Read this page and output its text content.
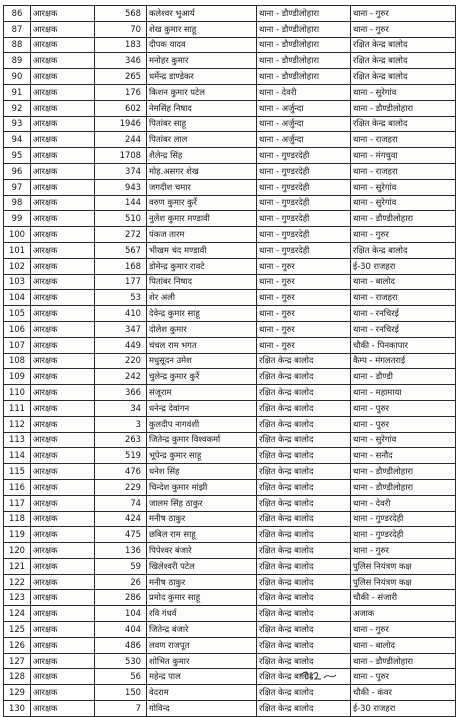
86	आरक्षक	568	कलेश्वर भुआर्य	थाना - डौण्डीलोहारा	थाना - गुरुर
87	आरक्षक	70	शेख कुमार साहू	थाना - डौण्डीलोहारा	थाना - गुरुर
88	आरक्षक	183	दीपक यादव	थाना - डौण्डीलोहारा	रक्षित केन्द्र बालोद
89	आरक्षक	346	मनोहर कुमार	थाना - डौण्डीलोहारा	रक्षित केन्द्र बालोद
90	आरक्षक	265	धर्मेन्द्र डाण्डेकर	थाना - डौण्डीलोहारा	रक्षित केन्द्र बालोद
91	आरक्षक	176	किशन कुमार पटेल	थाना - देवरी	थाना - सुरेगांव
92	आरक्षक	602	नेमसिंह निषाद	थाना - अर्जुन्दा	थाना - डौण्डीलोहारा
93	आरक्षक	1946	पितांबर साहू	थाना - अर्जुन्दा	रक्षित केन्द्र बालोद
94	आरक्षक	244	पितांबर लाल	थाना - अर्जुन्दा	थाना - राजहरा
95	आरक्षक	1708	शैलेन्द्र सिंह	थाना - गुण्डरदेही	थाना - मंगचुवा
96	आरक्षक	374	मोह.असगर शेख	थाना - गुण्डरदेही	थाना - राजहरा
97	आरक्षक	943	जगदीश चमार	थाना - गुण्डरदेही	थाना - सुरेगांव
98	आरक्षक	144	वरुण कुमार कुर्रे	थाना - गुण्डरदेही	थाना - सुरेगांव
99	आरक्षक	510	नुलेश कुमार मण्डावी	थाना - गुण्डरदेही	थाना - डौण्डीलोहारा
100	आरक्षक	272	पंकज तारम	थाना - गुण्डरदेही	थाना - गुरुर
101	आरक्षक	567	भीखम चंद मण्डावी	थाना - गुण्डरदेही	रक्षित केन्द्र बालोद
102	आरक्षक	168	डोमेन्द्र कुमार रावटे	थाना - गुरुर	ई-30 राजहरा
103	आरक्षक	177	पितांबर निषाद	थाना - गुरुर	थाना - बालोद
104	आरक्षक	53	शेर अली	थाना - गुरुर	थाना - राजहरा
105	आरक्षक	410	देवेन्द्र कुमार साहू	थाना - गुरुर	थाना - रनचिरई
106	आरक्षक	347	दोलेश कुमार	थाना - गुरुर	थाना - रनचिरई
107	आरक्षक	449	चंचल राम भगत	थाना - गुरुर	चौकी - पिनकापार
108	आरक्षक	220	मधुसूदन उमेश	रक्षित केन्द्र बालोद	कैम्प - मंगलतराई
109	आरक्षक	242	चुलेन्द्र कुमार कुर्रे	रक्षित केन्द्र बालोद	थाना - डौण्डी
110	आरक्षक	366	संजूराम	रक्षित केन्द्र बालोद	थाना - महामाया
111	आरक्षक	34	धनेन्द्र देवांगन	रक्षित केन्द्र बालोद	थाना - पुरुर
112	आरक्षक	3	कुलदीप नागवंशी	रक्षित केन्द्र बालोद	थाना - पुरुर
113	आरक्षक	263	जितेन्द्र कुमार विश्वकर्मा	रक्षित केन्द्र बालोद	थाना - सुरेगांव
114	आरक्षक	519	भूपेन्द्र कुमार साहू	रक्षित केन्द्र बालोद	थाना - सनौद
115	आरक्षक	476	धनेश सिंह	रक्षित केन्द्र बालोद	थाना - डौण्डीलोहारा
116	आरक्षक	229	चिन्देश कुमार मांझी	रक्षित केन्द्र बालोद	थाना - डौण्डीलोहारा
117	आरक्षक	74	जालम सिंह ठाकुर	रक्षित केन्द्र बालोद	थाना - देवरी
118	आरक्षक	424	मनीष ठाकुर	रक्षित केन्द्र बालोद	थाना - गुण्डरदेही
119	आरक्षक	475	छबिल राम साहू	रक्षित केन्द्र बालोद	थाना - गुण्डरदेही
120	आरक्षक	136	पिपेश्वर बंजारे	रक्षित केन्द्र बालोद	थाना - गुरुर
121	आरक्षक	59	खिलेश्वरी पटेल	रक्षित केन्द्र बालोद	पुलिस नियंत्रण कक्ष
122	आरक्षक	26	मनीष ठाकुर	रक्षित केन्द्र बालोद	पुलिस नियंत्रण कक्ष
123	आरक्षक	286	प्रमोद कुमार साहू	रक्षित केन्द्र बालोद	चौकी - संजारी
124	आरक्षक	104	रवि गंधर्व	रक्षित केन्द्र बालोद	अजाक
125	आरक्षक	404	जितेन्द्र बंजारे	रक्षित केन्द्र बालोद	थाना - गुरुर
126	आरक्षक	486	लवण राजपूत	रक्षित केन्द्र बालोद	थाना - बालोद
127	आरक्षक	530	शोभित कुमार	रक्षित केन्द्र बालोद	थाना - डौण्डीलोहारा
128	आरक्षक	56	महेन्द्र पाल	रक्षित केन्द्र बालोद	थाना - पुरुर
129	आरक्षक	150	वेदराम	रक्षित केन्द्र बालोद	चौकी - कंवर
130	आरक्षक	7	गोविन्द	रक्षित केन्द्र बालोद	ई-30 राजहरा
